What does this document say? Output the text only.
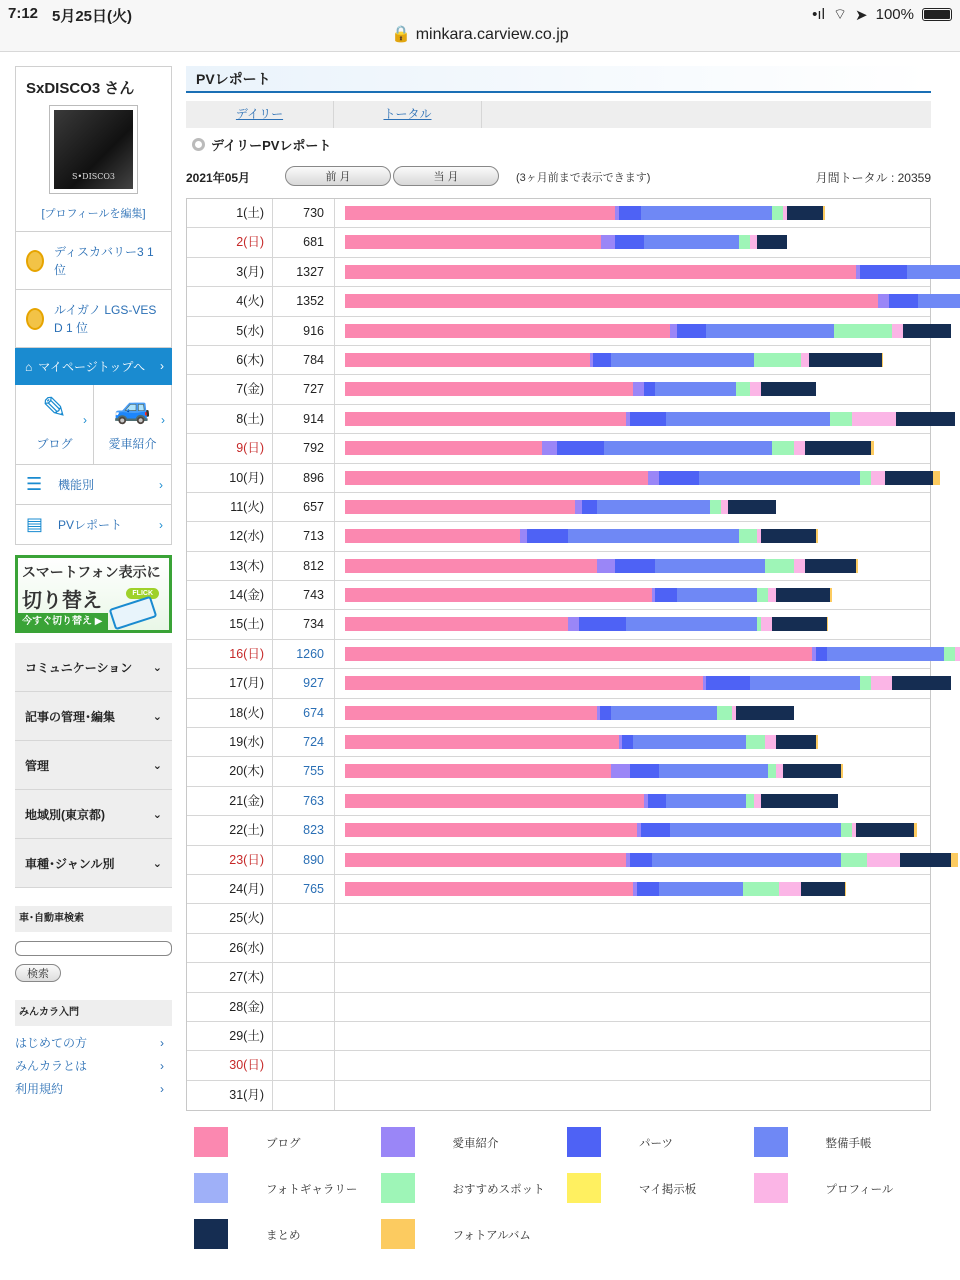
7:12 5月25日(火)	•ıl ⌔ ➤ 100%
🔒 minkara.carview.co.jp
SxDISCO3 さん
S•DISCO3
[プロフィールを編集]
ディスカバリー3 1
位
ルイガノ LGS-VES
D 1 位
⌂ マイページトップへ ›
✎ ›
ブログ
🚙 ›
愛車紹介
☰	機能別	›
▤ PVレポート	›
スマートフォン表示に
切り替え
今すぐ切り替え ▶
FLICK
コミュニケーション ⌄
記事の管理･編集	⌄
管理	⌄
地域別(東京都)	⌄
車種･ジャンル別	⌄
車･自動車検索
検索
みんカラ入門
はじめての方	›
みんカラとは	›
利用規約	›
PVレポート
デイリー	トータル
デイリーPVレポート
2021年05月	前 月	当 月	(3ヶ月前まで表示できます)	月間トータル : 20359
1(土)	730
2(日)	681
3(月)	1327
4(火)	1352
5(水)	916
6(木)	784
7(金)	727
8(土)	914
9(日)	792
10(月)	896
11(火)	657
12(水)	713
13(木)	812
14(金)	743
15(土)	734
16(日)	1260
17(月)	927
18(火)	674
19(水)	724
20(木)	755
21(金)	763
22(土)	823
23(日)	890
24(月)	765
25(火)
26(水)
27(木)
28(金)
29(土)
30(日)
31(月)
ブログ	愛車紹介	パーツ	整備手帳
フォトギャラリー	おすすめスポット	マイ掲示板	プロフィール
まとめ	フォトアルバム
